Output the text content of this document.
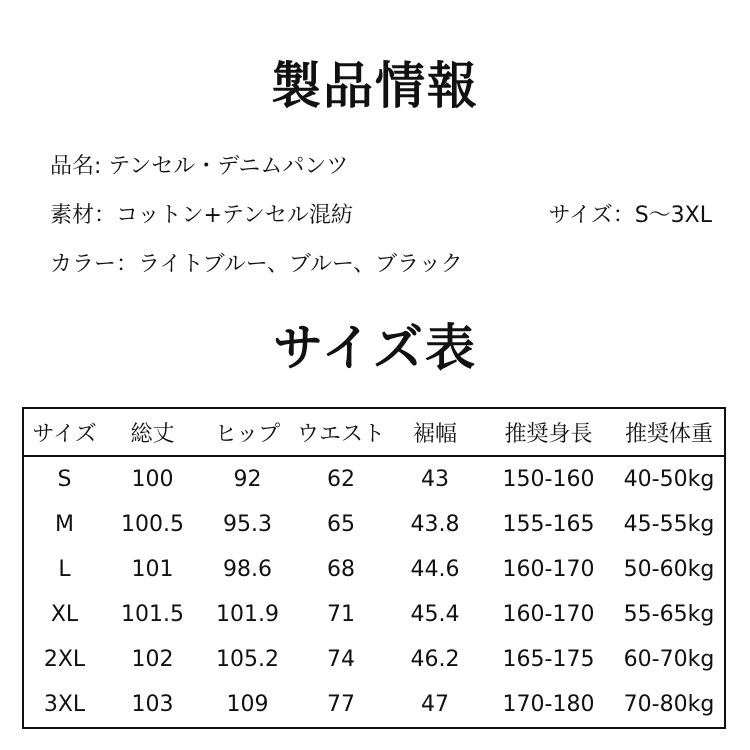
製品情報
品名: テンセル・デニムパンツ
素材：コットン+テンセル混紡	サイズ：S〜3XL
カラー：ライトブルー、ブルー、ブラック
サイズ表
サイズ	総丈	ヒップ	ウエスト	裾幅	推奨身長	推奨体重
S	100	92	62	43	150-160	40-50kg
M	100.5	95.3	65	43.8	155-165	45-55kg
L	101	98.6	68	44.6	160-170	50-60kg
XL	101.5	101.9	71	45.4	160-170	55-65kg
2XL	102	105.2	74	46.2	165-175	60-70kg
3XL	103	109	77	47	170-180	70-80kg
